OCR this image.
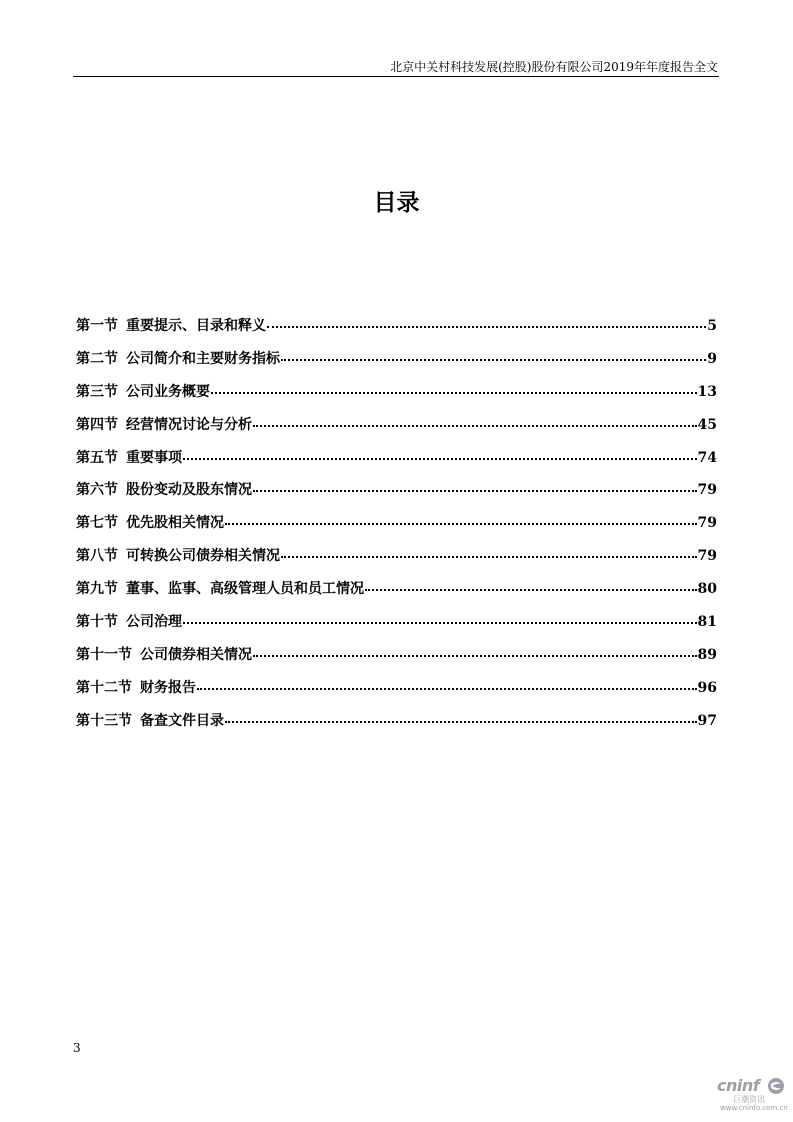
北京中关村科技发展(控股)股份有限公司2019年年度报告全文
目录
第一节 重要提示、目录和释义	5
第二节 公司简介和主要财务指标	9
第三节 公司业务概要	13
第四节 经营情况讨论与分析	45
第五节 重要事项	74
第六节 股份变动及股东情况	79
第七节 优先股相关情况	79
第八节 可转换公司债券相关情况	79
第九节 董事、监事、高级管理人员和员工情况	80
第十节 公司治理	81
第十一节 公司债券相关情况	89
第十二节 财务报告	96
第十三节 备查文件目录	97
3
cninf
巨潮资讯
www.cninfo.com.cn
